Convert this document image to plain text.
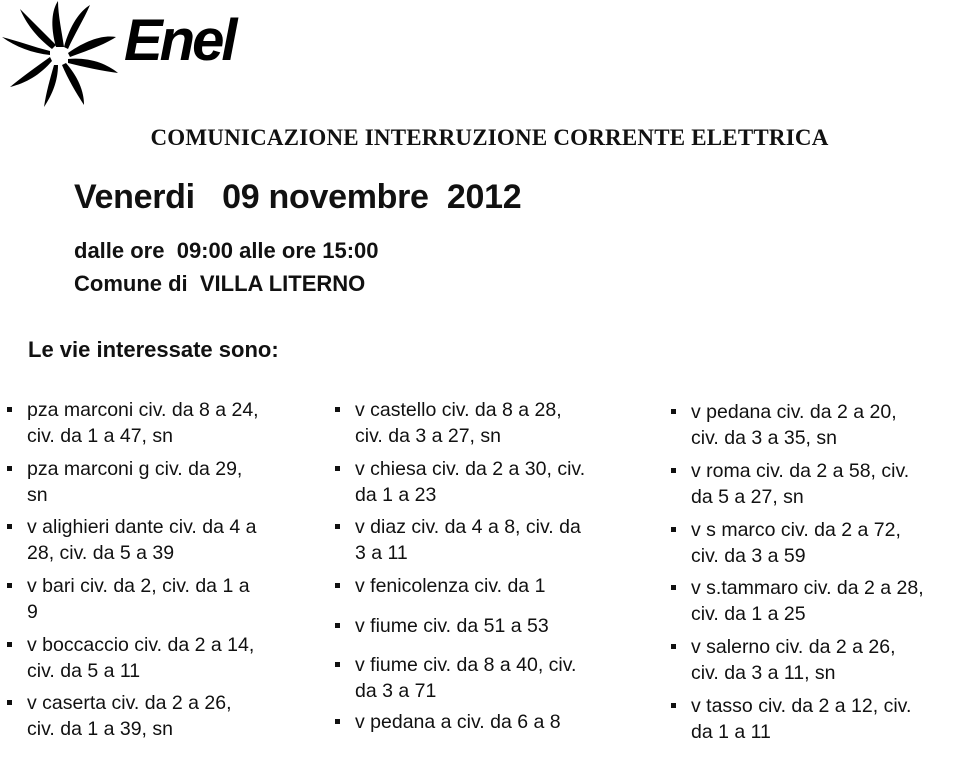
Enel
COMUNICAZIONE INTERRUZIONE CORRENTE ELETTRICA
Venerdi   09 novembre  2012
dalle ore  09:00 alle ore 15:00
Comune di  VILLA LITERNO
Le vie interessate sono:
pza marconi civ. da 8 a 24,
civ. da 1 a 47, sn
pza marconi g civ. da 29,
sn
v alighieri dante civ. da 4 a
28, civ. da 5 a 39
v bari civ. da 2, civ. da 1 a
9
v boccaccio civ. da 2 a 14,
civ. da 5 a 11
v caserta civ. da 2 a 26,
civ. da 1 a 39, sn
v castello civ. da 8 a 28,
civ. da 3 a 27, sn
v chiesa civ. da 2 a 30, civ.
da 1 a 23
v diaz civ. da 4 a 8, civ. da
3 a 11
v fenicolenza civ. da 1
v fiume civ. da 51 a 53
v fiume civ. da 8 a 40, civ.
da 3 a 71
v pedana a civ. da 6 a 8
v pedana civ. da 2 a 20,
civ. da 3 a 35, sn
v roma civ. da 2 a 58, civ.
da 5 a 27, sn
v s marco civ. da 2 a 72,
civ. da 3 a 59
v s.tammaro civ. da 2 a 28,
civ. da 1 a 25
v salerno civ. da 2 a 26,
civ. da 3 a 11, sn
v tasso civ. da 2 a 12, civ.
da 1 a 11
